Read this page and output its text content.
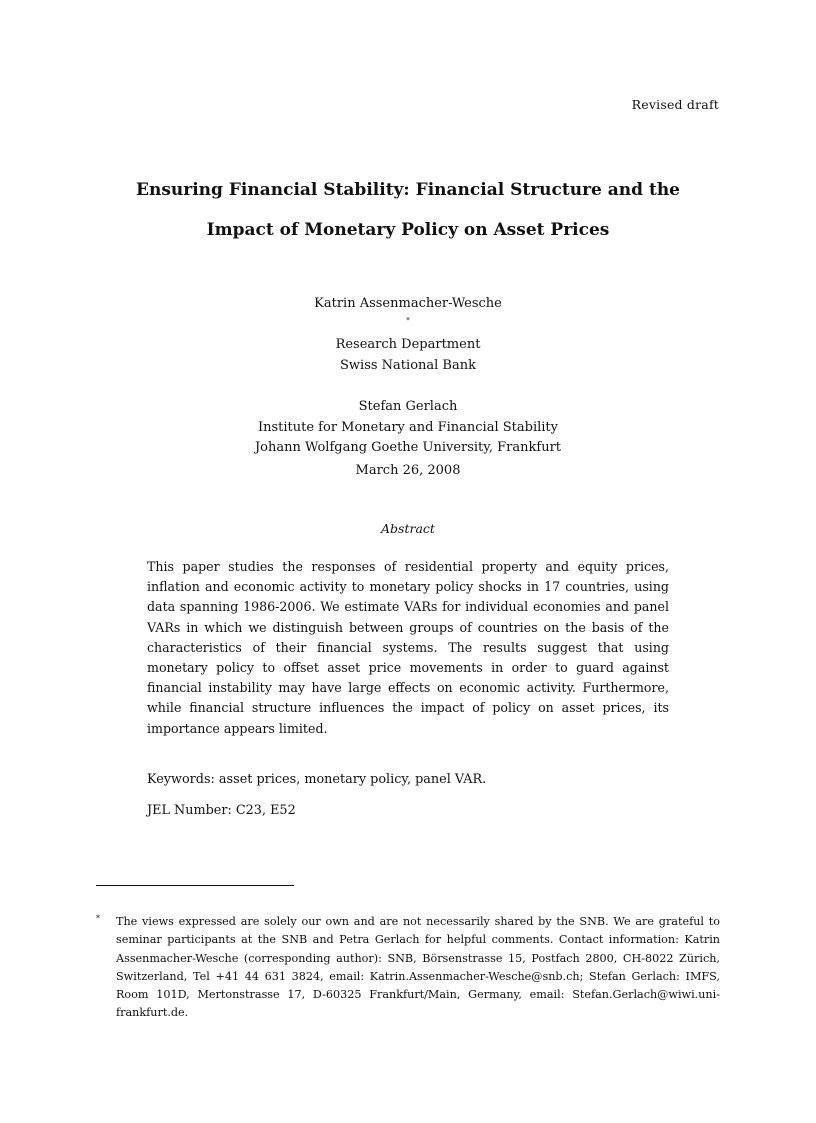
Revised draft
Ensuring Financial Stability: Financial Structure and the
Impact of Monetary Policy on Asset Prices
Katrin Assenmacher-Wesche
*
Research Department
Swiss National Bank
Stefan Gerlach
Institute for Monetary and Financial Stability
Johann Wolfgang Goethe University, Frankfurt
March 26, 2008
Abstract

This paper studies the responses of residential property and equity prices, inflation and economic activity to monetary policy shocks in 17 countries, using data spanning 1986-2006. We estimate VARs for individual economies and panel VARs in which we distinguish between groups of countries on the basis of the characteristics of their financial systems. The results suggest that using monetary policy to offset asset price movements in order to guard against financial instability may have large effects on economic activity. Furthermore, while financial structure influences the impact of policy on asset prices, its importance appears limited.

Keywords: asset prices, monetary policy, panel VAR.

JEL Number: C23, E52

* The views expressed are solely our own and are not necessarily shared by the SNB. We are grateful to seminar participants at the SNB and Petra Gerlach for helpful comments. Contact information: Katrin Assenmacher-Wesche (corresponding author): SNB, Börsenstrasse 15, Postfach 2800, CH-8022 Zürich, Switzerland, Tel +41 44 631 3824, email: Katrin.Assenmacher-Wesche@snb.ch; Stefan Gerlach: IMFS, Room 101D, Mertonstrasse 17, D-60325 Frankfurt/Main, Germany, email: Stefan.Gerlach@wiwi.uni-frankfurt.de.
